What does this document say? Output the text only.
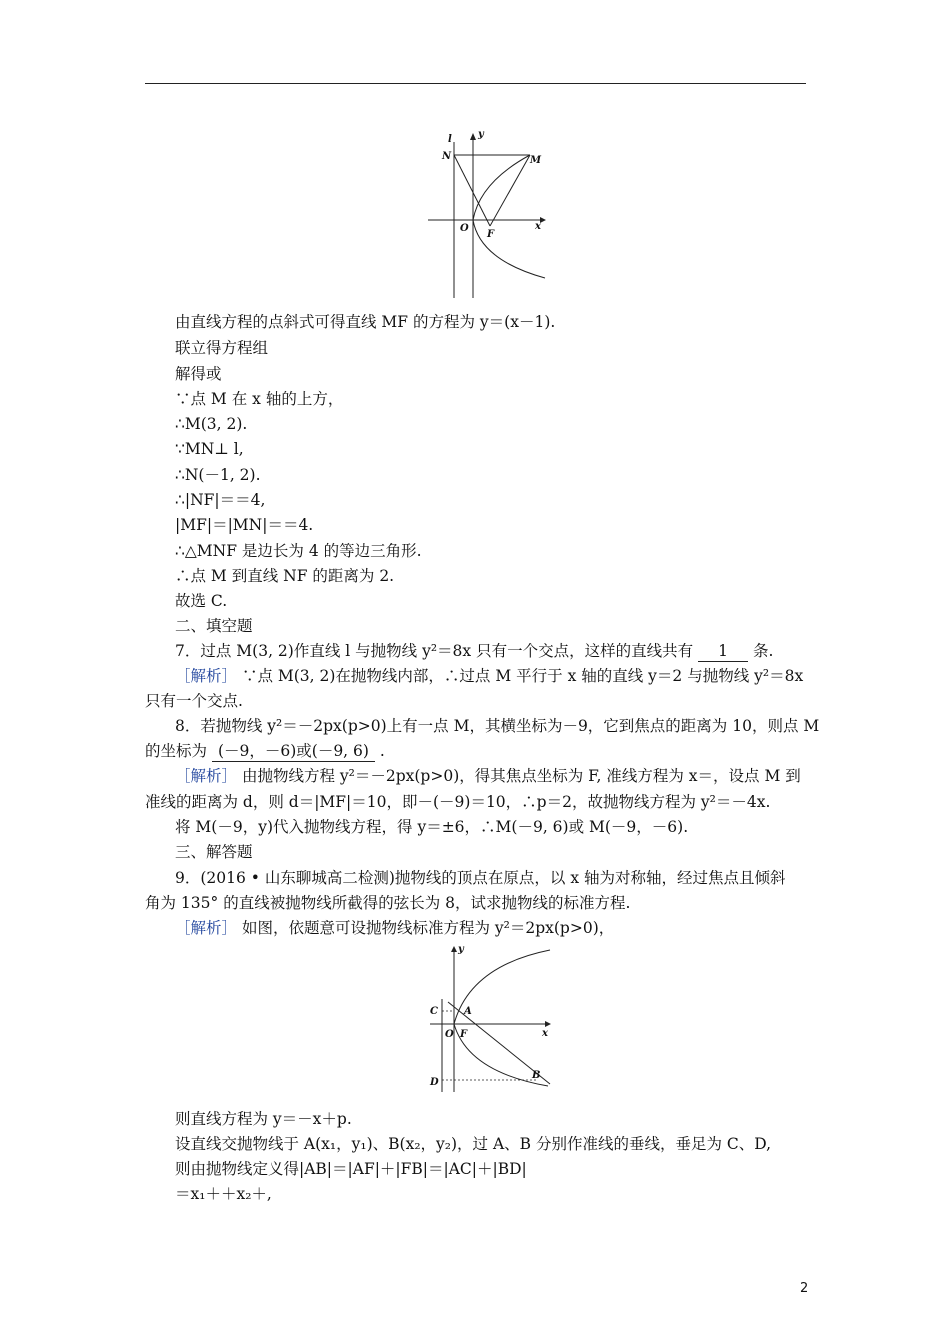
l	y
N	M
O
F
x
由直线方程的点斜式可得直线 MF 的方程为 y＝(x－1).
联立得方程组
解得或
∵点 M 在 x 轴的上方，
∴M(3, 2).
∵MN⊥ l,
∴N(－1, 2).
∴|NF|＝＝4,
|MF|＝|MN|＝＝4.
∴△MNF 是边长为 4 的等边三角形.
∴点 M 到直线 NF 的距离为 2.
故选 C.
二、填空题
7．过点 M(3, 2)作直线 l 与抛物线 y²＝8x 只有一个交点，这样的直线共有 1 条.
［解析］ ∵点 M(3, 2)在抛物线内部，∴过点 M 平行于 x 轴的直线 y＝2 与抛物线 y²＝8x
只有一个交点.
8．若抛物线 y²＝－2px(p>0)上有一点 M，其横坐标为－9，它到焦点的距离为 10，则点 M
的坐标为 (－9，－6)或(－9, 6) .
［解析］ 由抛物线方程 y²＝－2px(p>0)，得其焦点坐标为 F, 准线方程为 x＝，设点 M 到
准线的距离为 d，则 d＝|MF|＝10，即－(－9)＝10，∴p＝2，故抛物线方程为 y²＝－4x.
将 M(－9，y)代入抛物线方程，得 y＝±6，∴M(－9, 6)或 M(－9，－6).
三、解答题
9．(2016 • 山东聊城高二检测)抛物线的顶点在原点，以 x 轴为对称轴，经过焦点且倾斜
角为 135° 的直线被抛物线所截得的弦长为 8，试求抛物线的标准方程.
［解析］ 如图，依题意可设抛物线标准方程为 y²＝2px(p>0)，
y
C	A
O F	x
D
B
则直线方程为 y＝－x＋p.
设直线交抛物线于 A(x₁，y₁)、B(x₂，y₂)，过 A、B 分别作准线的垂线，垂足为 C、D,
则由抛物线定义得|AB|＝|AF|＋|FB|＝|AC|＋|BD|
＝x₁＋＋x₂＋,
2
